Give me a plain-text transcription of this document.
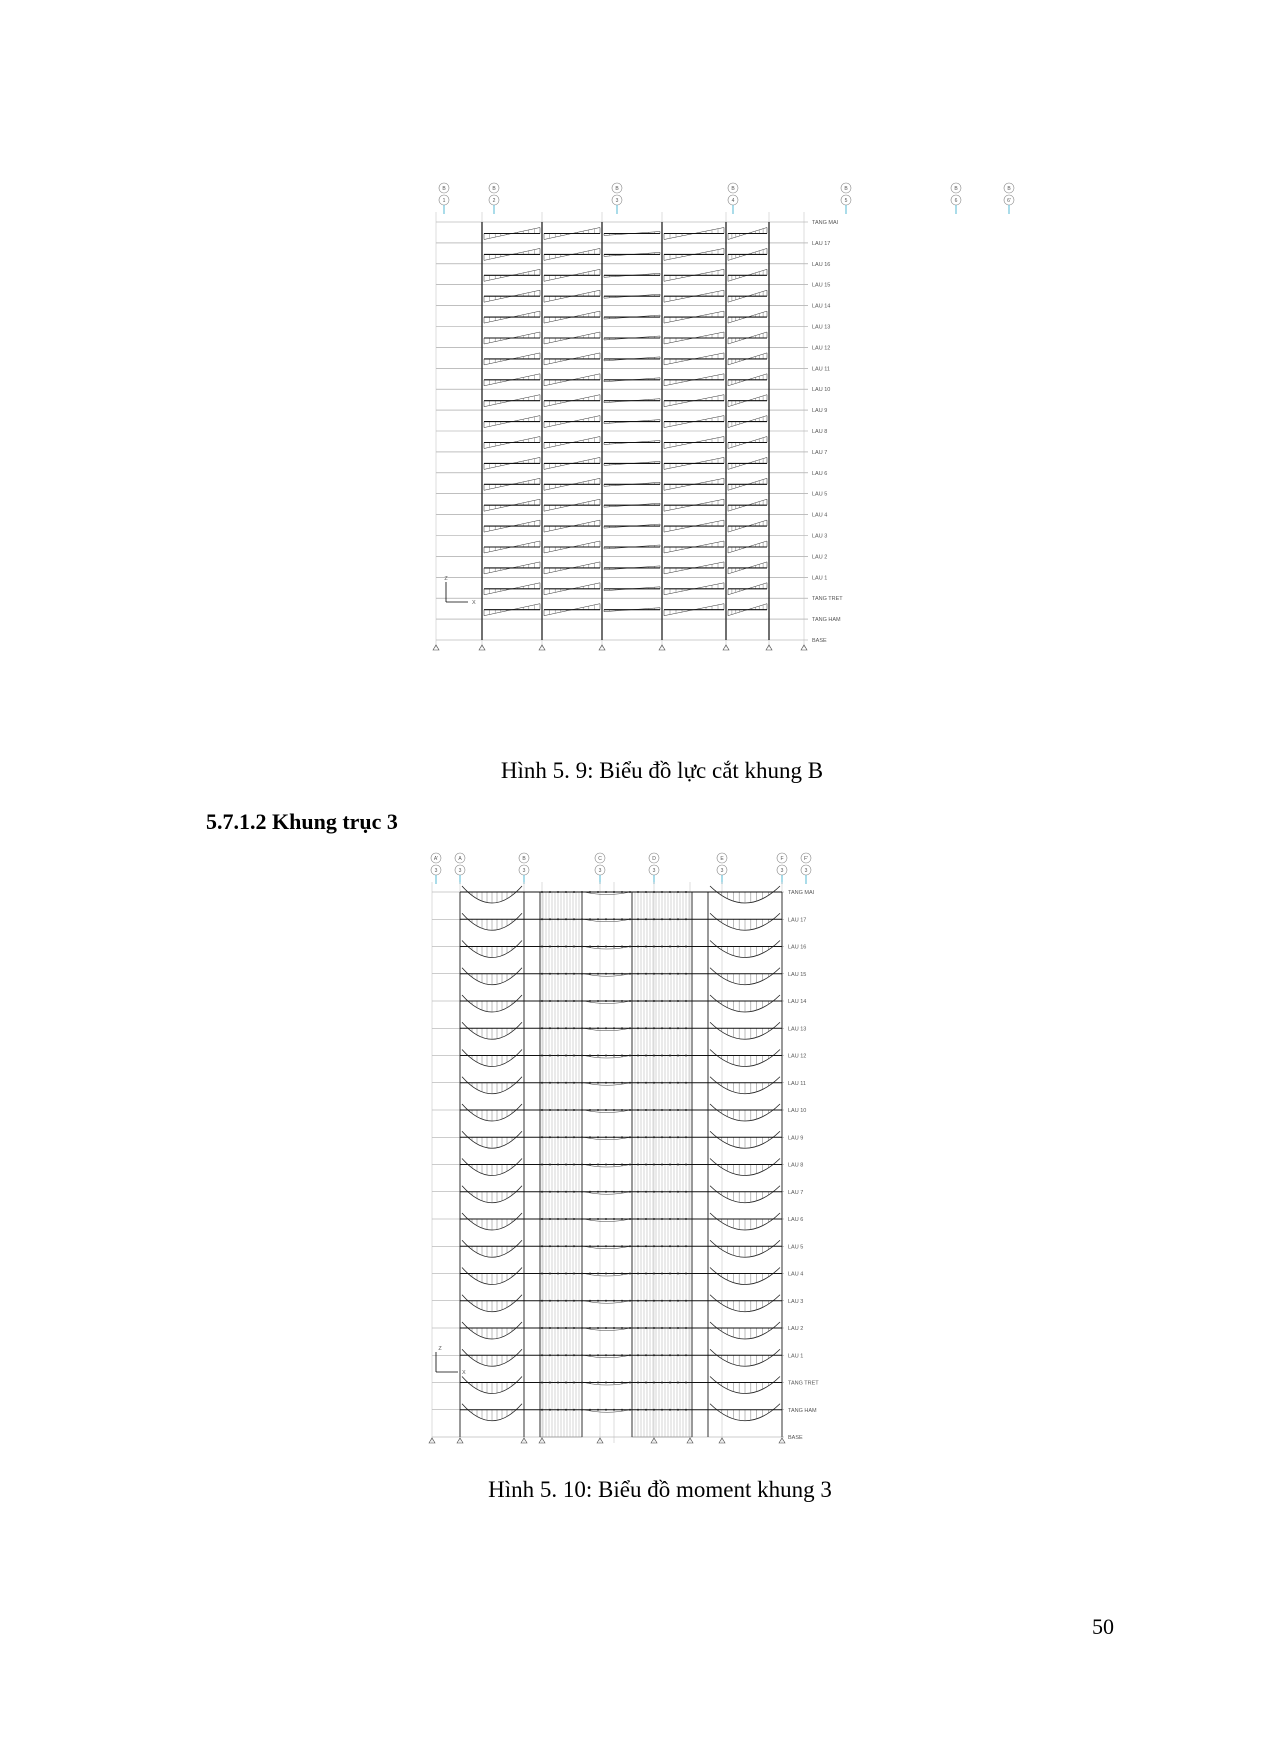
B
1
B
2
B
3
B
4
B
5
B
6
B
6'
TANG MAI
LAU 17
LAU 16
LAU 15
LAU 14
LAU 13
LAU 12
LAU 11
LAU 10
LAU 9
LAU 8
LAU 7
LAU 6
LAU 5
LAU 4
LAU 3
LAU 2
LAU 1
TANG TRET
TANG HAM
BASE
Z
X
Hình 5. 9: Biểu đồ lực cắt khung B
5.7.1.2 Khung trục 3
A'
3
A
3
B
3
C
3
D
3
E
3
F
3
F'
3
TANG MAI
LAU 17
LAU 16
LAU 15
LAU 14
LAU 13
LAU 12
LAU 11
LAU 10
LAU 9
LAU 8
LAU 7
LAU 6
LAU 5
LAU 4
LAU 3
LAU 2
LAU 1
TANG TRET
TANG HAM
BASE
Z
X
Hình 5. 10: Biểu đồ moment khung 3
50
